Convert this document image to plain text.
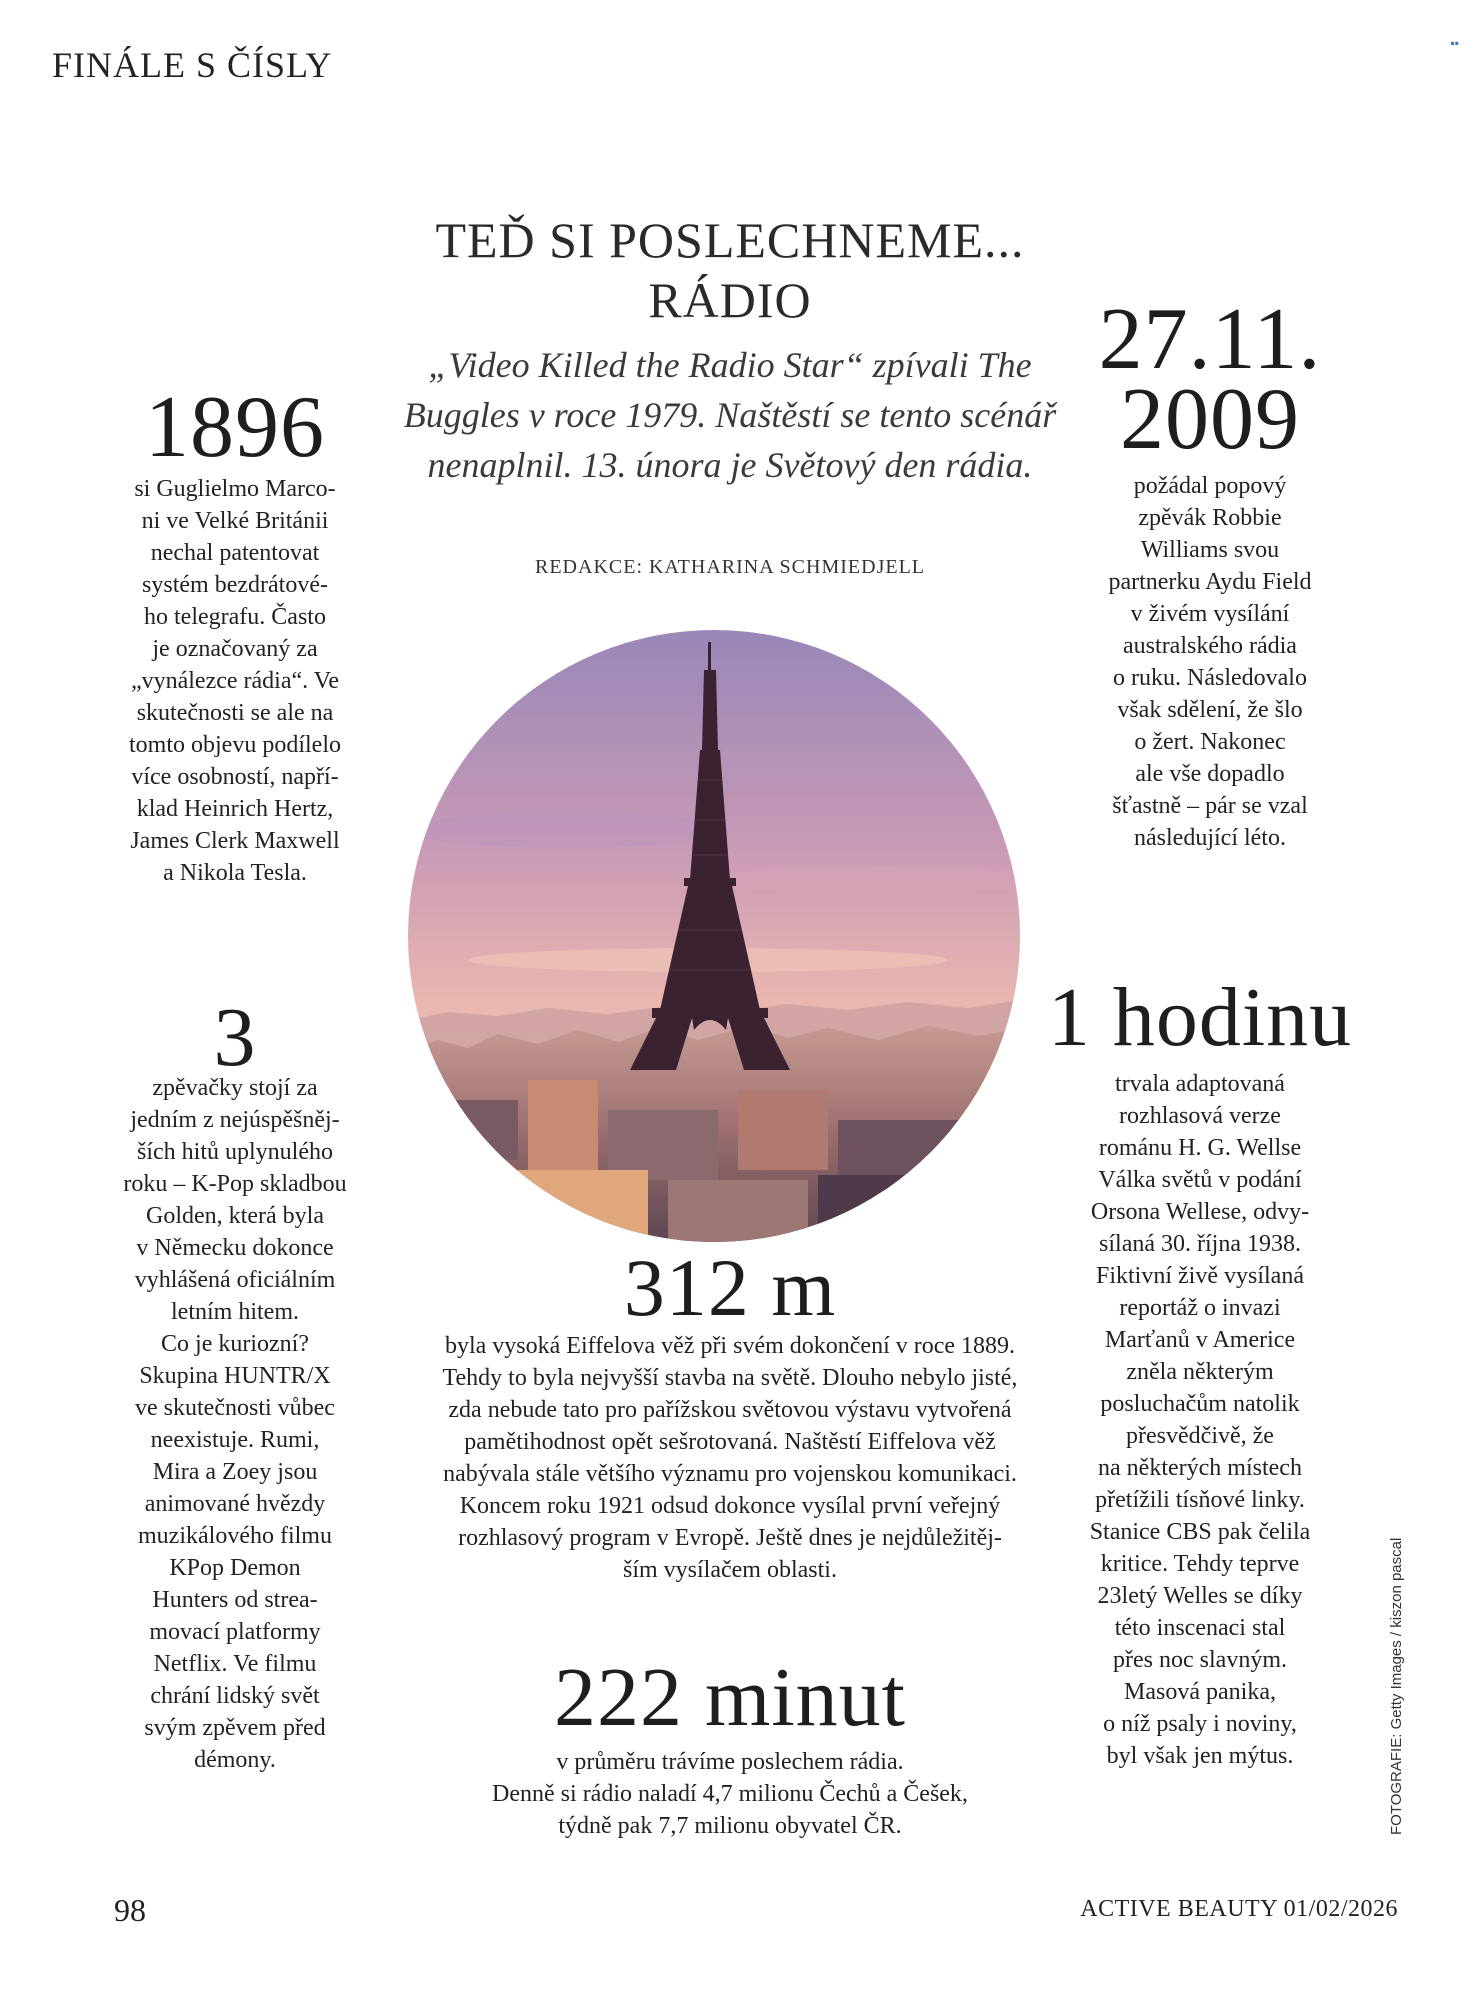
FINÁLE S ČÍSLY
▪▪
TEĎ SI POSLECHNEME...
RÁDIO
„Video Killed the Radio Star“ zpívali The Buggles v roce 1979. Naštěstí se tento scénář nenaplnil. 13. února je Světový den rádia.
REDAKCE: KATHARINA SCHMIEDJELL
1896
si Guglielmo Marco-
ni ve Velké Británii
nechal patentovat
systém bezdrátové-
ho telegrafu. Často
je označovaný za
„vynálezce rádia“. Ve
skutečnosti se ale na
tomto objevu podílelo
více osobností, napří-
klad Heinrich Hertz,
James Clerk Maxwell
a Nikola Tesla.
3
zpěvačky stojí za
jedním z nejúspěšněj-
ších hitů uplynulého
roku – K-Pop skladbou
Golden, která byla
v Německu dokonce
vyhlášená oficiálním
letním hitem.
Co je kuriozní?
Skupina HUNTR/X
ve skutečnosti vůbec
neexistuje. Rumi,
Mira a Zoey jsou
animované hvězdy
muzikálového filmu
KPop Demon
Hunters od strea-
movací platformy
Netflix. Ve filmu
chrání lidský svět
svým zpěvem před
démony.
27.11.
2009
požádal popový
zpěvák Robbie
Williams svou
partnerku Aydu Field
v živém vysílání
australského rádia
o ruku. Následovalo
však sdělení, že šlo
o žert. Nakonec
ale vše dopadlo
šťastně – pár se vzal
následující léto.
1 hodinu
trvala adaptovaná
rozhlasová verze
románu H. G. Wellse
Válka světů v podání
Orsona Wellese, odvy-
sílaná 30. října 1938.
Fiktivní živě vysílaná
reportáž o invazi
Marťanů v Americe
zněla některým
posluchačům natolik
přesvědčivě, že
na některých místech
přetížili tísňové linky.
Stanice CBS pak čelila
kritice. Tehdy teprve
23letý Welles se díky
této inscenaci stal
přes noc slavným.
Masová panika,
o níž psaly i noviny,
byl však jen mýtus.
312 m
byla vysoká Eiffelova věž při svém dokončení v roce 1889.
Tehdy to byla nejvyšší stavba na světě. Dlouho nebylo jisté,
zda nebude tato pro pařížskou světovou výstavu vytvořená
pamětihodnost opět sešrotovaná. Naštěstí Eiffelova věž
nabývala stále většího významu pro vojenskou komunikaci.
Koncem roku 1921 odsud dokonce vysílal první veřejný
rozhlasový program v Evropě. Ještě dnes je nejdůležitěj-
ším vysílačem oblasti.
222 minut
v průměru trávíme poslechem rádia.
Denně si rádio naladí 4,7 milionu Čechů a Češek,
týdně pak 7,7 milionu obyvatel ČR.	FOTOGRAFIE: Getty Images / kiszon pascal
98	ACTIVE BEAUTY 01/02/2026
